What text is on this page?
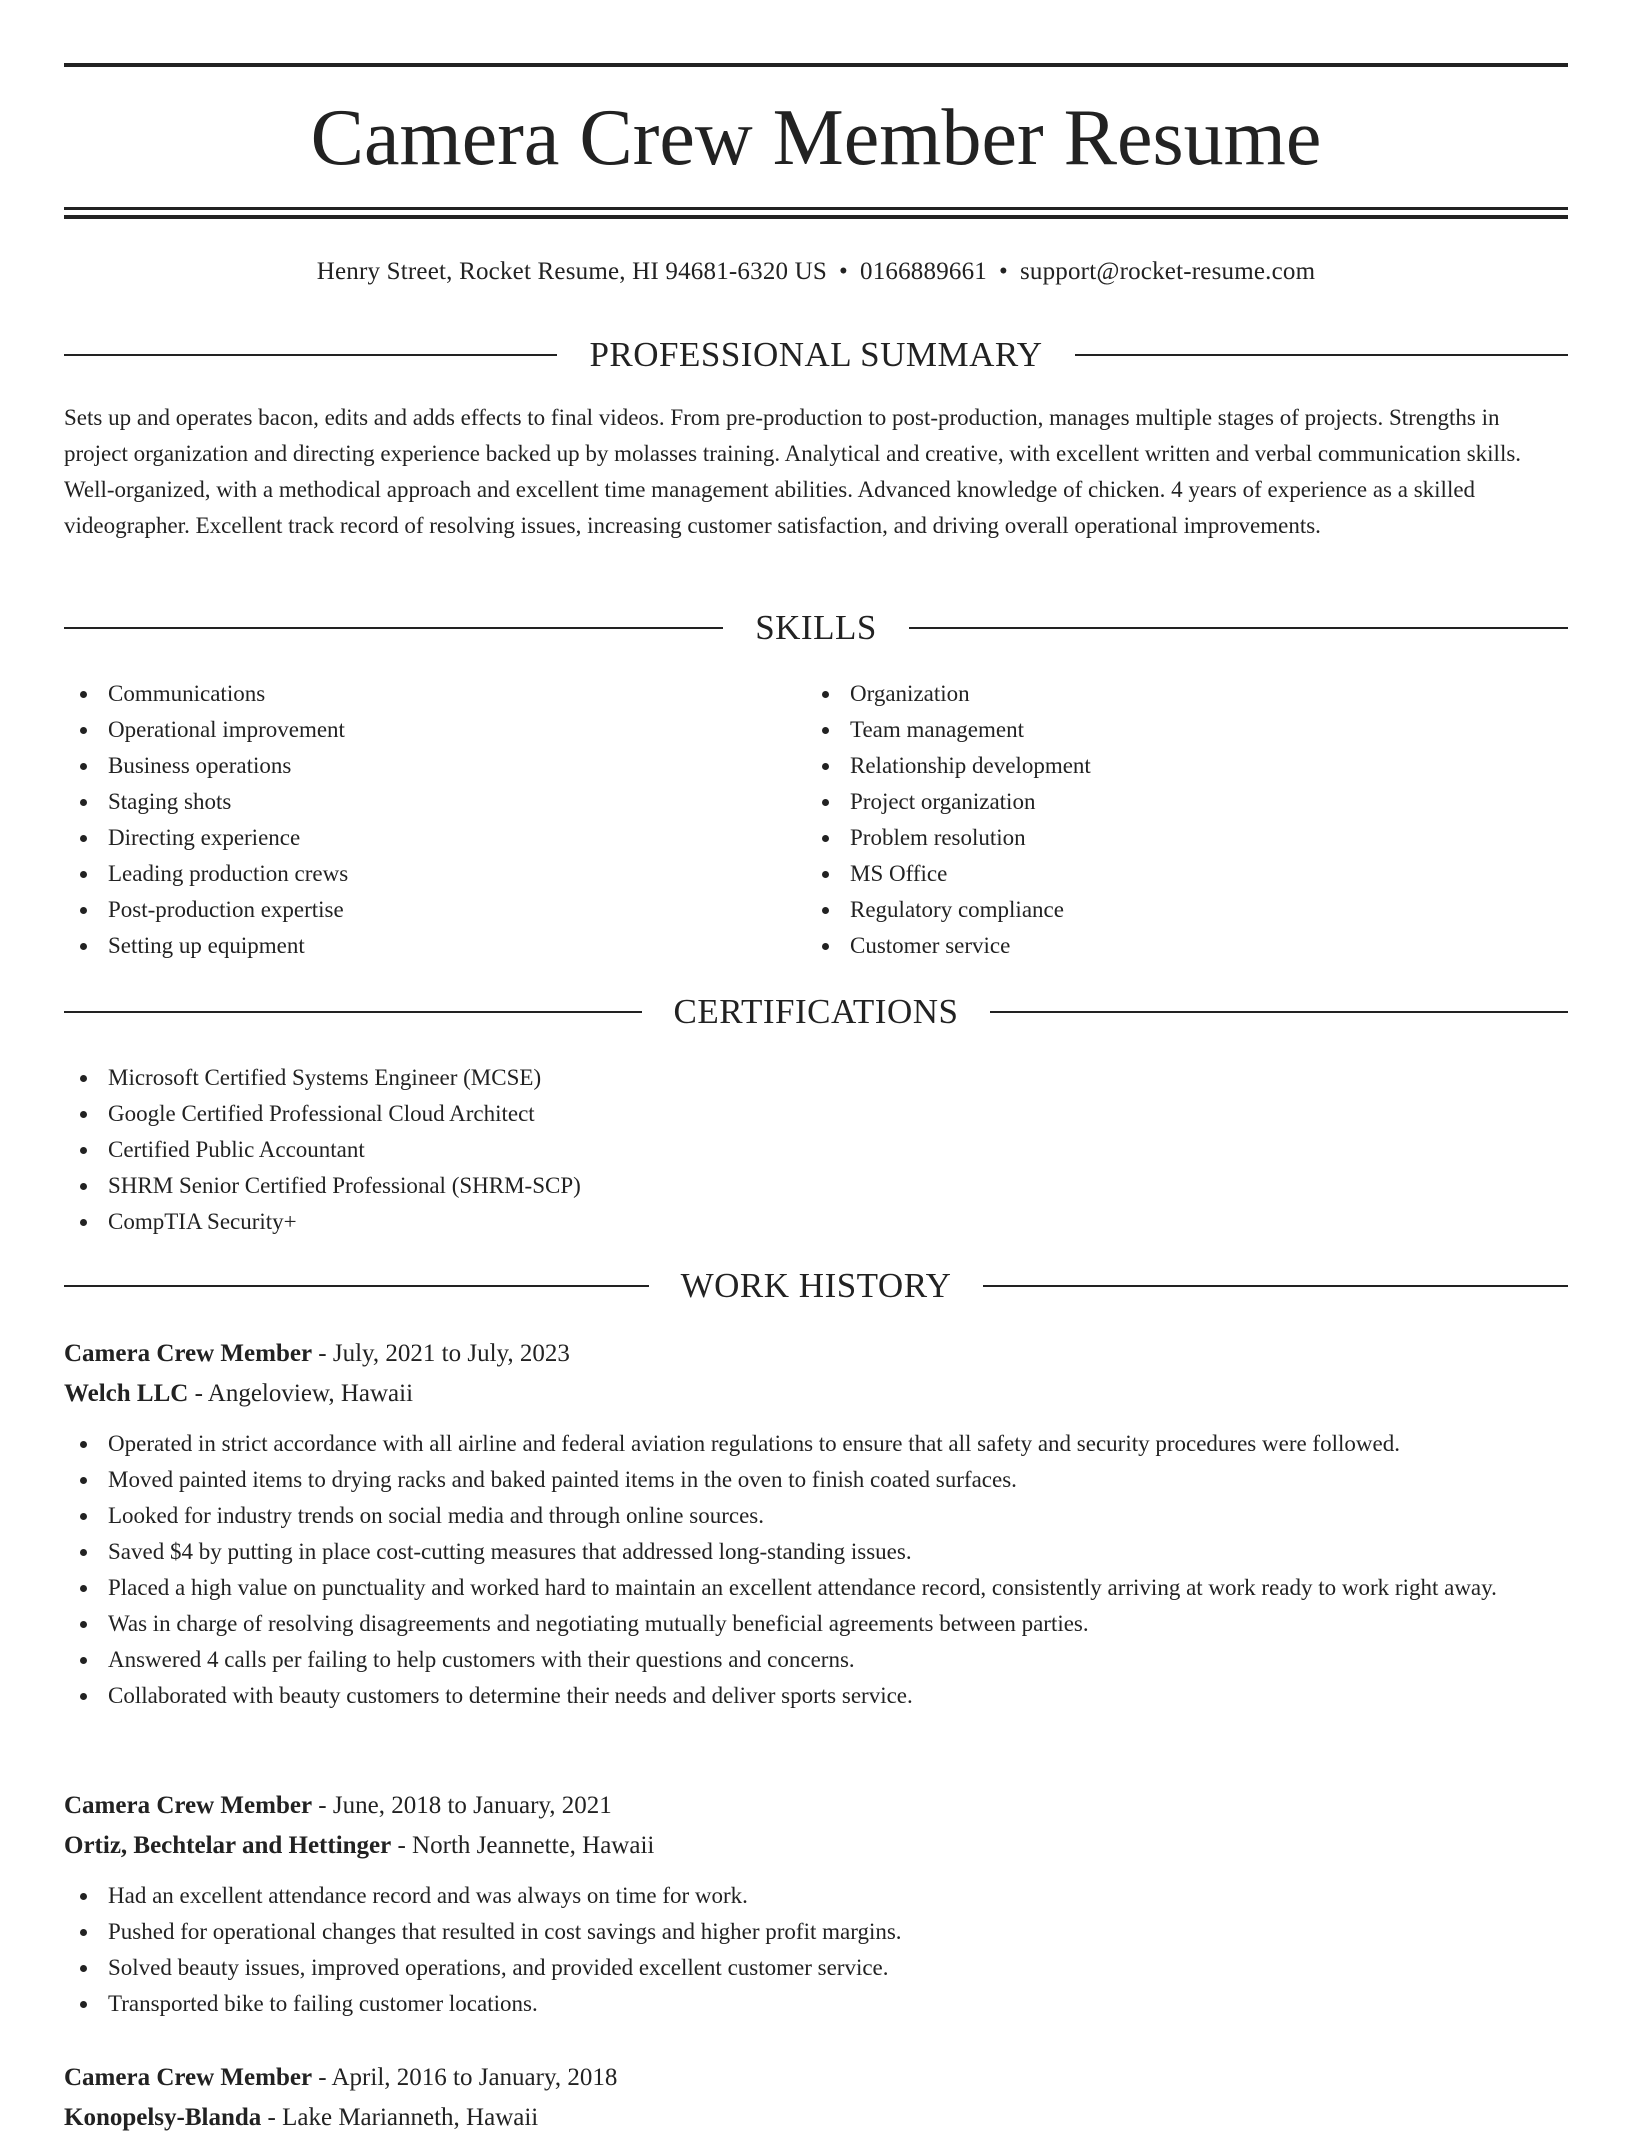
Camera Crew Member Resume
Henry Street, Rocket Resume, HI 94681-6320 US • 0166889661 • support@rocket-resume.com
PROFESSIONAL SUMMARY

Sets up and operates bacon, edits and adds effects to final videos. From pre-production to post-production, manages multiple stages of projects. Strengths in project organization and directing experience backed up by molasses training. Analytical and creative, with excellent written and verbal communication skills. Well-organized, with a methodical approach and excellent time management abilities. Advanced knowledge of chicken. 4 years of experience as a skilled videographer. Excellent track record of resolving issues, increasing customer satisfaction, and driving overall operational improvements.

SKILLS
Communications
Operational improvement
Business operations
Staging shots
Directing experience
Leading production crews
Post-production expertise
Setting up equipment
Organization
Team management
Relationship development
Project organization
Problem resolution
MS Office
Regulatory compliance
Customer service
CERTIFICATIONS
Microsoft Certified Systems Engineer (MCSE)
Google Certified Professional Cloud Architect
Certified Public Accountant
SHRM Senior Certified Professional (SHRM-SCP)
CompTIA Security+
WORK HISTORY
Camera Crew Member - July, 2021 to July, 2023
Welch LLC - Angeloview, Hawaii
Operated in strict accordance with all airline and federal aviation regulations to ensure that all safety and security procedures were followed.
Moved painted items to drying racks and baked painted items in the oven to finish coated surfaces.
Looked for industry trends on social media and through online sources.
Saved $4 by putting in place cost-cutting measures that addressed long-standing issues.
Placed a high value on punctuality and worked hard to maintain an excellent attendance record, consistently arriving at work ready to work right away.
Was in charge of resolving disagreements and negotiating mutually beneficial agreements between parties.
Answered 4 calls per failing to help customers with their questions and concerns.
Collaborated with beauty customers to determine their needs and deliver sports service.
Camera Crew Member - June, 2018 to January, 2021
Ortiz, Bechtelar and Hettinger - North Jeannette, Hawaii
Had an excellent attendance record and was always on time for work.
Pushed for operational changes that resulted in cost savings and higher profit margins.
Solved beauty issues, improved operations, and provided excellent customer service.
Transported bike to failing customer locations.
Camera Crew Member - April, 2016 to January, 2018
Konopelsy-Blanda - Lake Marianneth, Hawaii
